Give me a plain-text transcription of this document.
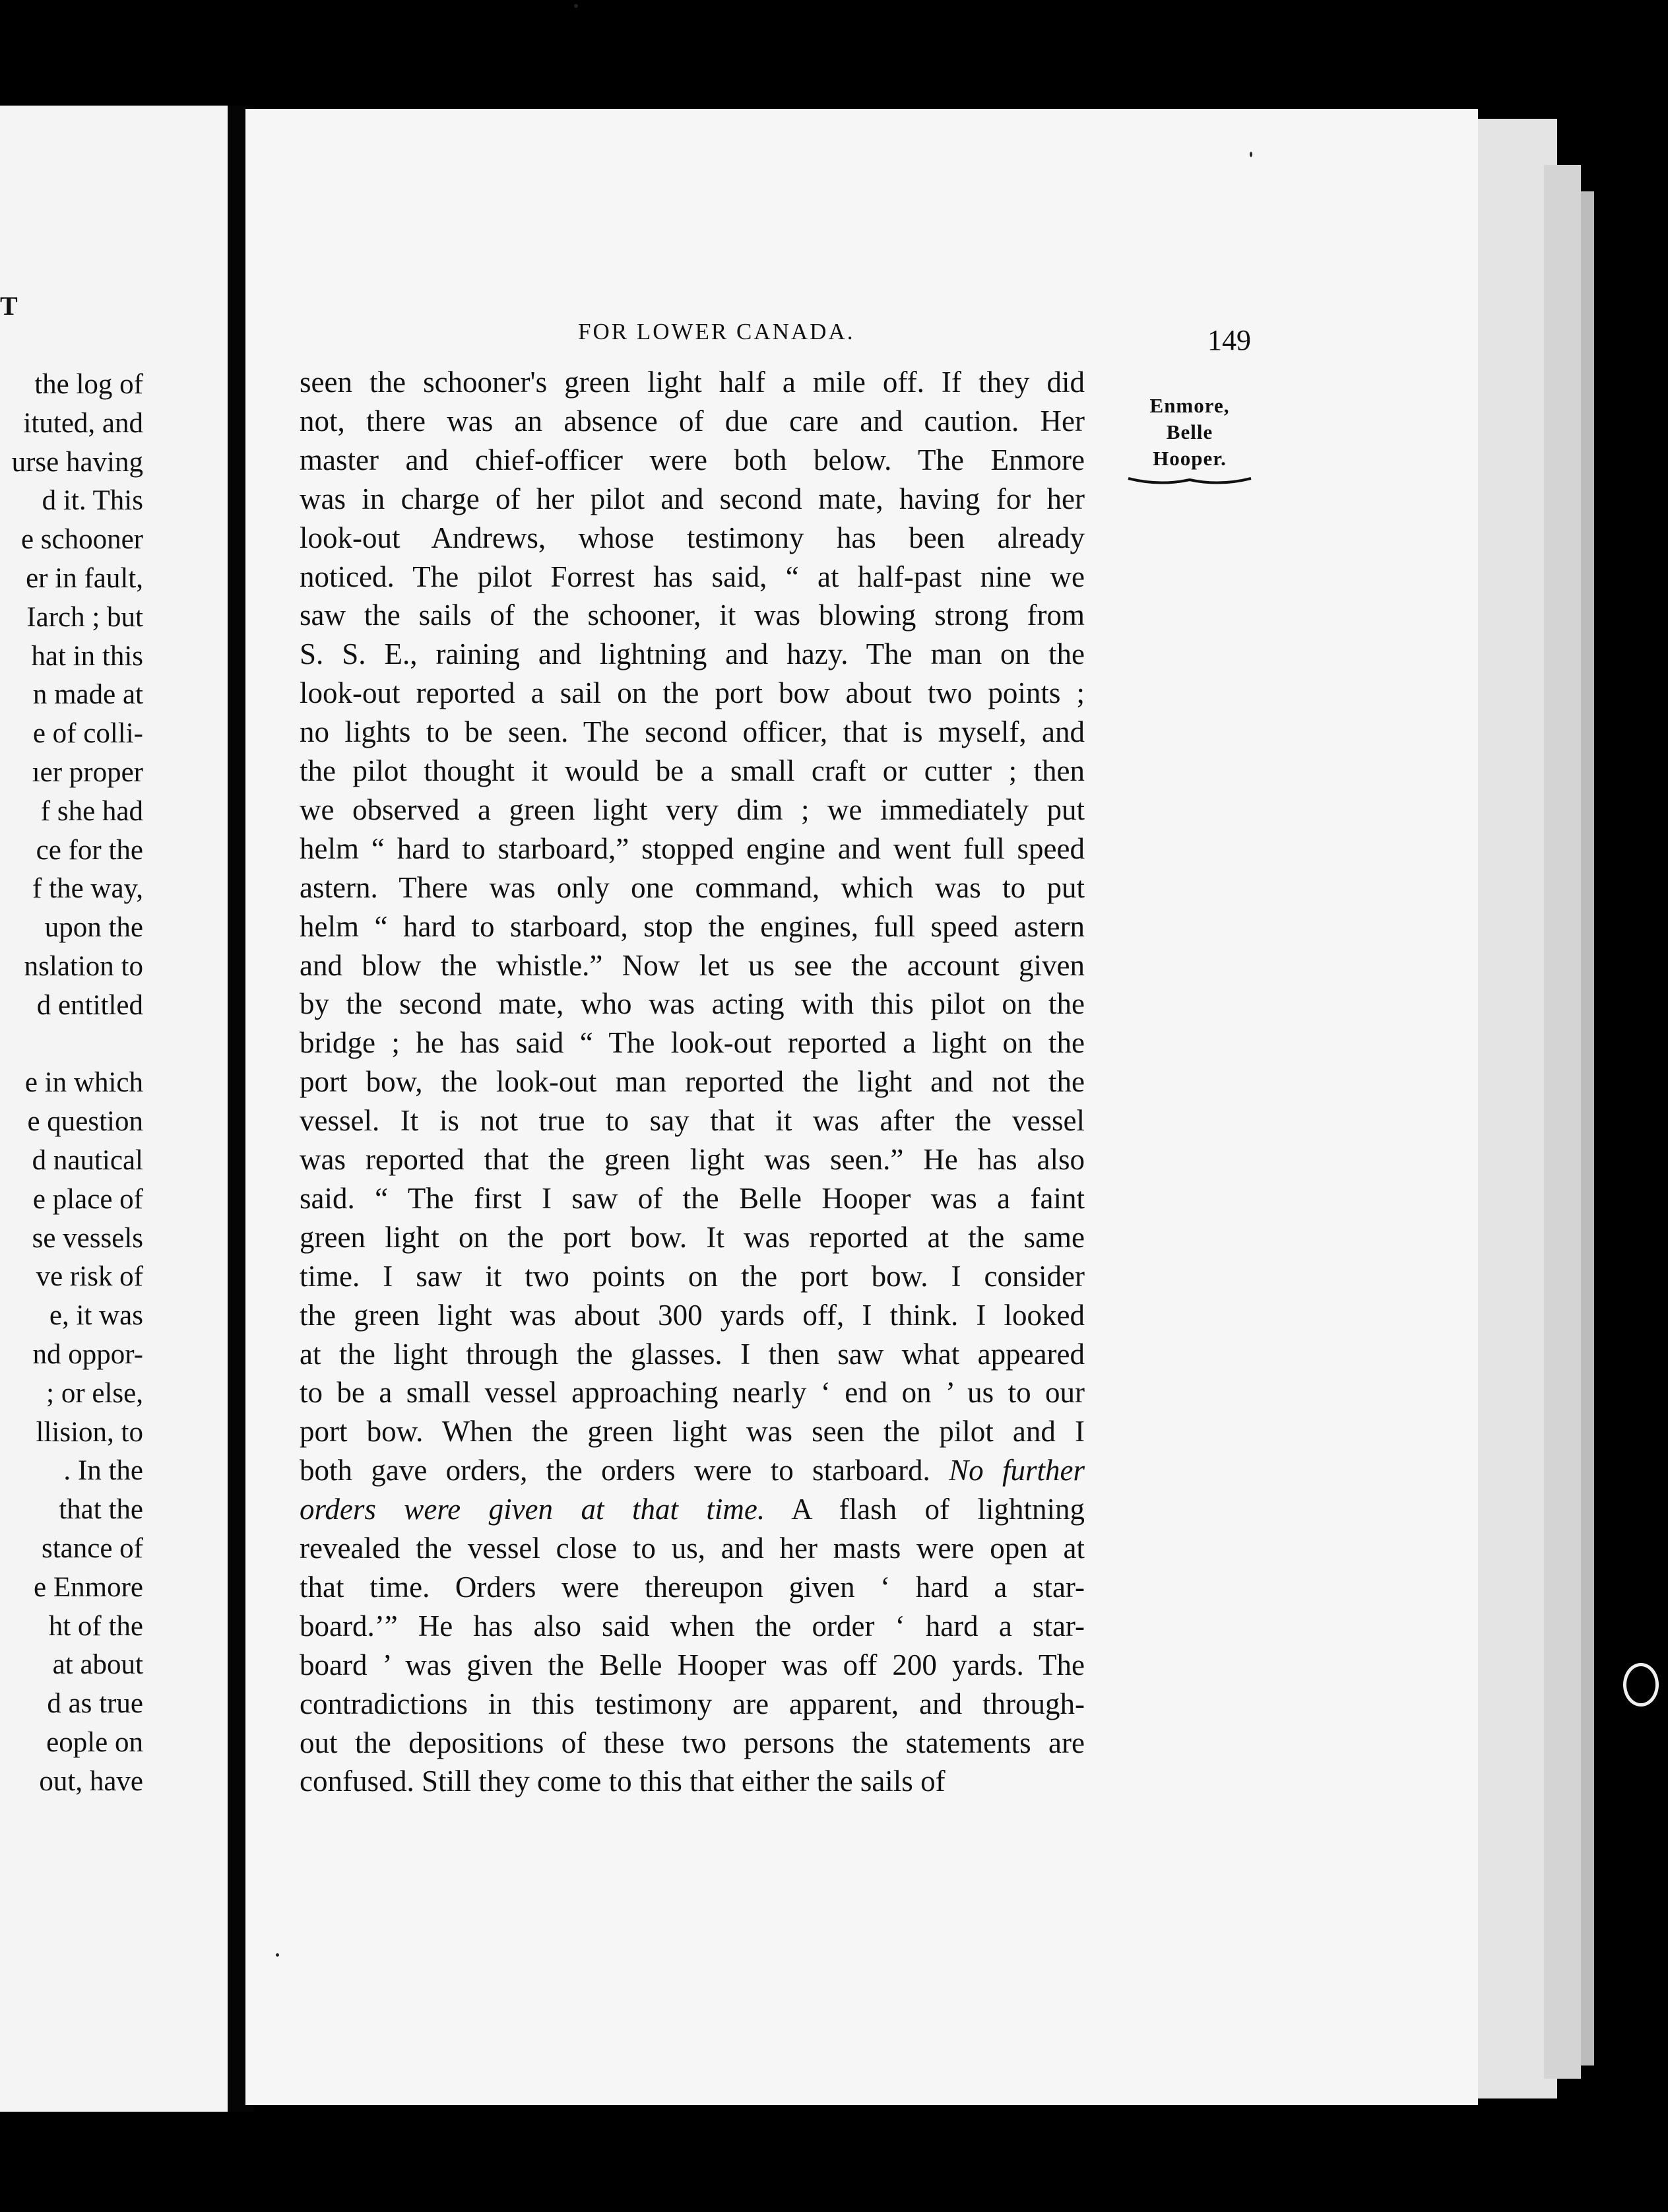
T
the log of
ituted, and
urse having
d it. This
e schooner
er in fault,
Iarch ; but
hat in this
n made at
e of colli-
ıer proper
f she had
ce for the
f the way,
upon the
nslation to
d entitled
e in which
e question
d nautical
e place of
se vessels
ve risk of
e, it was
nd oppor-
; or else,
llision, to
. In the
that the
stance of
e Enmore
ht of the
at about
d as true
eople on
out, have
FOR LOWER CANADA.	149
Enmore,
Belle
Hooper.
seen the schooner's green light half a mile off. If they did
not, there was an absence of due care and caution. Her
master and chief-officer were both below. The Enmore
was in charge of her pilot and second mate, having for her
look-out Andrews, whose testimony has been already
noticed. The pilot Forrest has said, “ at half-past nine we
saw the sails of the schooner, it was blowing strong from
S. S. E., raining and lightning and hazy. The man on the
look-out reported a sail on the port bow about two points ;
no lights to be seen. The second officer, that is myself, and
the pilot thought it would be a small craft or cutter ; then
we observed a green light very dim ; we immediately put
helm “ hard to starboard,” stopped engine and went full speed
astern. There was only one command, which was to put
helm “ hard to starboard, stop the engines, full speed astern
and blow the whistle.” Now let us see the account given
by the second mate, who was acting with this pilot on the
bridge ; he has said “ The look-out reported a light on the
port bow, the look-out man reported the light and not the
vessel. It is not true to say that it was after the vessel
was reported that the green light was seen.” He has also
said. “ The first I saw of the Belle Hooper was a faint
green light on the port bow. It was reported at the same
time. I saw it two points on the port bow. I consider
the green light was about 300 yards off, I think. I looked
at the light through the glasses. I then saw what appeared
to be a small vessel approaching nearly ‘ end on ’ us to our
port bow. When the green light was seen the pilot and I
both gave orders, the orders were to starboard. No further
orders were given at that time. A flash of lightning
revealed the vessel close to us, and her masts were open at
that time. Orders were thereupon given ‘ hard a star-
board.’” He has also said when the order ‘ hard a star-
board ’ was given the Belle Hooper was off 200 yards. The
contradictions in this testimony are apparent, and through-
out the depositions of these two persons the statements are
confused. Still they come to this that either the sails of
